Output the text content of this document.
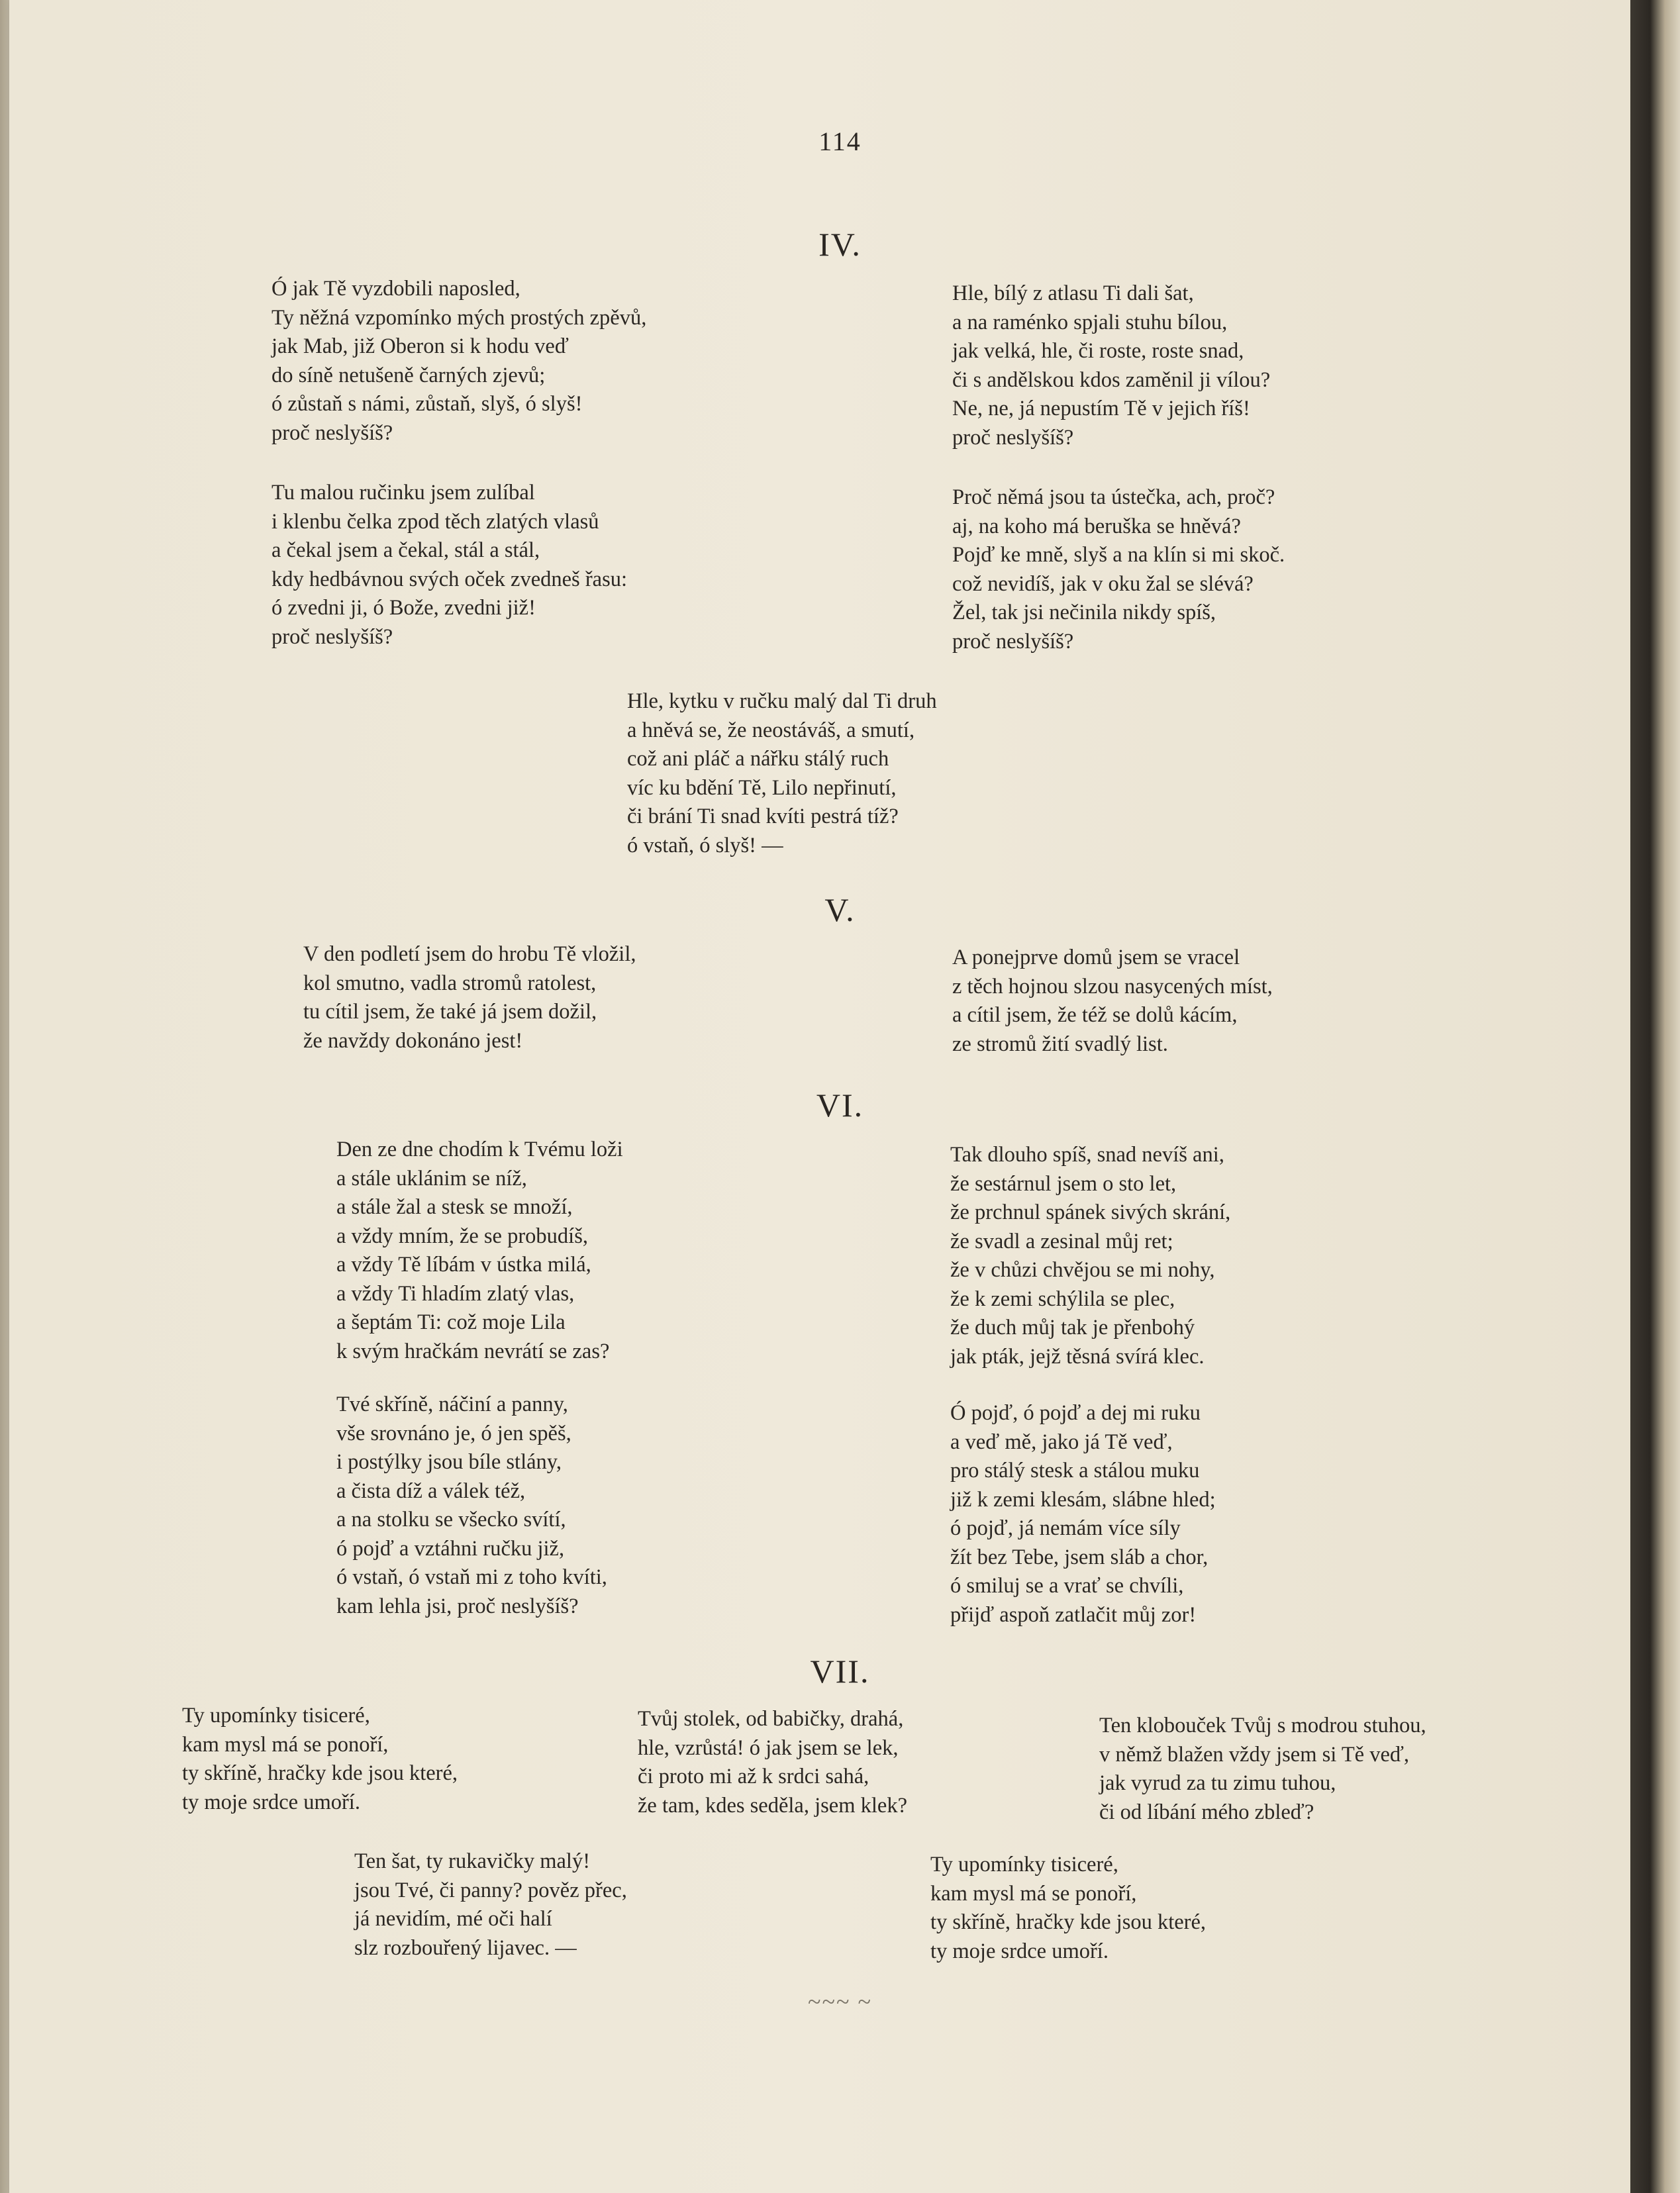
114
IV.
V.
VI.
VII.
Ó jak Tě vyzdobili naposled,
Ty něžná vzpomínko mých prostých zpěvů,
jak Mab, již Oberon si k hodu veď
do síně netušeně čarných zjevů;
ó zůstaň s námi, zůstaň, slyš, ó slyš!
proč neslyšíš?
Hle, bílý z atlasu Ti dali šat,
a na raménko spjali stuhu bílou,
jak velká, hle, či roste, roste snad,
či s andělskou kdos zaměnil ji vílou?
Ne, ne, já nepustím Tě v jejich říš!
proč neslyšíš?
Tu malou ručinku jsem zulíbal
i klenbu čelka zpod těch zlatých vlasů
a čekal jsem a čekal, stál a stál,
kdy hedbávnou svých oček zvedneš řasu:
ó zvedni ji, ó Bože, zvedni již!
proč neslyšíš?
Proč němá jsou ta ústečka, ach, proč?
aj, na koho má beruška se hněvá?
Pojď ke mně, slyš a na klín si mi skoč.
což nevidíš, jak v oku žal se slévá?
Žel, tak jsi nečinila nikdy spíš,
proč neslyšíš?
Hle, kytku v ručku malý dal Ti druh
a hněvá se, že neostáváš, a smutí,
což ani pláč a nářku stálý ruch
víc ku bdění Tě, Lilo nepřinutí,
či brání Ti snad kvíti pestrá tíž?
ó vstaň, ó slyš! —
V den podletí jsem do hrobu Tě vložil,
kol smutno, vadla stromů ratolest,
tu cítil jsem, že také já jsem dožil,
že navždy dokonáno jest!
A ponejprve domů jsem se vracel
z těch hojnou slzou nasycených míst,
a cítil jsem, že též se dolů kácím,
ze stromů žití svadlý list.
Den ze dne chodím k Tvému loži
a stále uklánim se níž,
a stále žal a stesk se množí,
a vždy mním, že se probudíš,
a vždy Tě líbám v ústka milá,
a vždy Ti hladím zlatý vlas,
a šeptám Ti: což moje Lila
k svým hračkám nevrátí se zas?
Tak dlouho spíš, snad nevíš ani,
že sestárnul jsem o sto let,
že prchnul spánek sivých skrání,
že svadl a zesinal můj ret;
že v chůzi chvějou se mi nohy,
že k zemi schýlila se plec,
že duch můj tak je přenbohý
jak pták, jejž těsná svírá klec.
Tvé skříně, náčiní a panny,
vše srovnáno je, ó jen spěš,
i postýlky jsou bíle stlány,
a čista díž a válek též,
a na stolku se všecko svítí,
ó pojď a vztáhni ručku již,
ó vstaň, ó vstaň mi z toho kvíti,
kam lehla jsi, proč neslyšíš?
Ó pojď, ó pojď a dej mi ruku
a veď mě, jako já Tě veď,
pro stálý stesk a stálou muku
již k zemi klesám, slábne hled;
ó pojď, já nemám více síly
žít bez Tebe, jsem sláb a chor,
ó smiluj se a vrať se chvíli,
přijď aspoň zatlačit můj zor!
Ty upomínky tisiceré,
kam mysl má se ponoří,
ty skříně, hračky kde jsou které,
ty moje srdce umoří.
Tvůj stolek, od babičky, drahá,
hle, vzrůstá! ó jak jsem se lek,
či proto mi až k srdci sahá,
že tam, kdes seděla, jsem klek?
Ten klobouček Tvůj s modrou stuhou,
v němž blažen vždy jsem si Tě veď,
jak vyrud za tu zimu tuhou,
či od líbání mého zbleď?
Ten šat, ty rukavičky malý!
jsou Tvé, či panny? pověz přec,
já nevidím, mé oči halí
slz rozbouřený lijavec. —
Ty upomínky tisiceré,
kam mysl má se ponoří,
ty skříně, hračky kde jsou které,
ty moje srdce umoří.
~~~ ~
